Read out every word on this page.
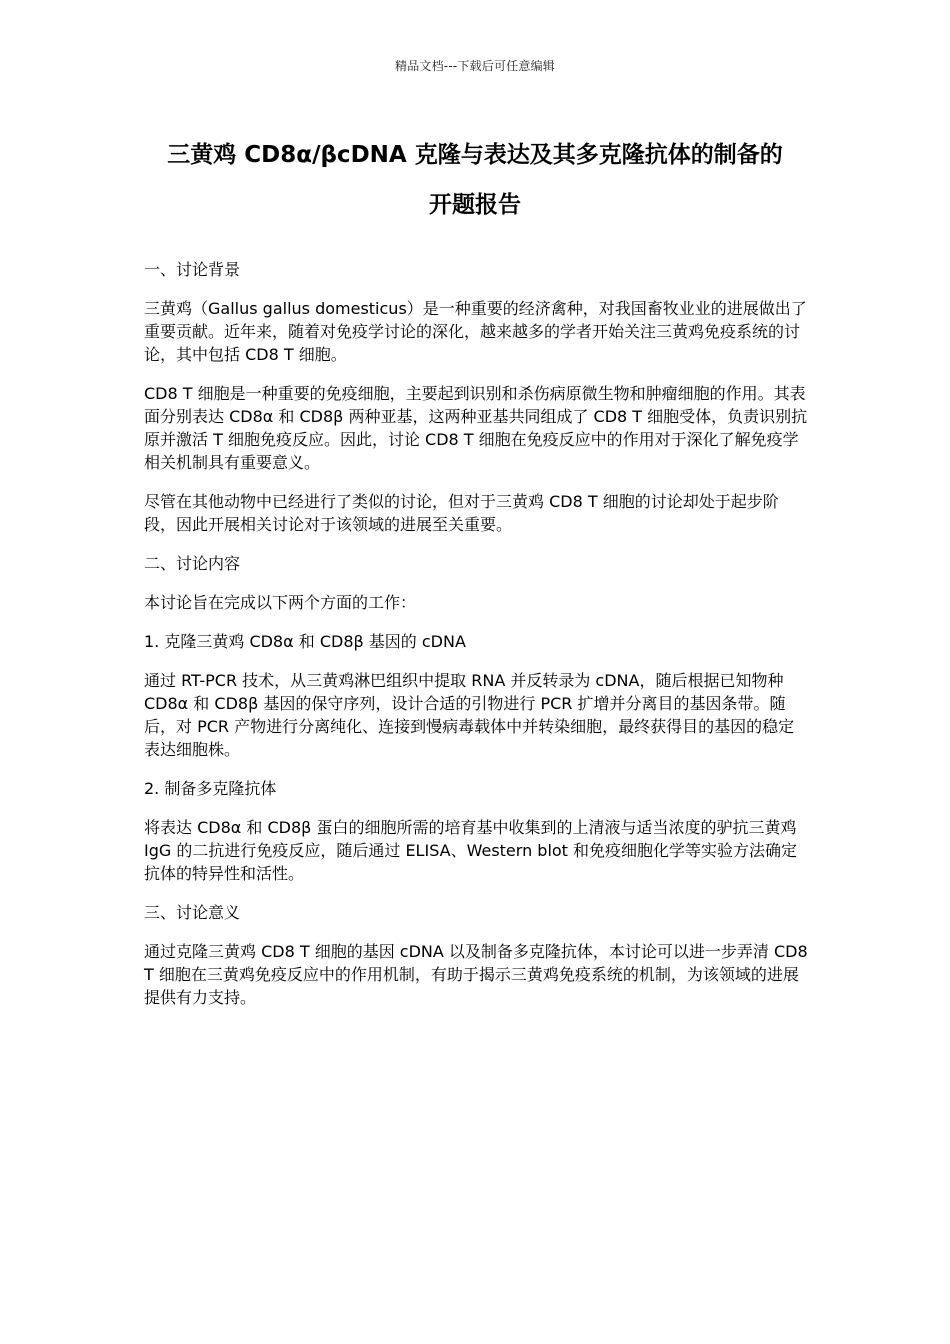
精品文档---下载后可任意编辑
三黄鸡 CD8α/βcDNA 克隆与表达及其多克隆抗体的制备的
开题报告

一、讨论背景

三黄鸡（Gallus gallus domesticus）是一种重要的经济禽种，对我国畜牧业业的进展做出了重要贡献。近年来，随着对免疫学讨论的深化，越来越多的学者开始关注三黄鸡免疫系统的讨论，其中包括 CD8 T 细胞。

CD8 T 细胞是一种重要的免疫细胞，主要起到识别和杀伤病原微生物和肿瘤细胞的作用。其表面分别表达 CD8α 和 CD8β 两种亚基，这两种亚基共同组成了 CD8 T 细胞受体，负责识别抗原并激活 T 细胞免疫反应。因此，讨论 CD8 T 细胞在免疫反应中的作用对于深化了解免疫学相关机制具有重要意义。

尽管在其他动物中已经进行了类似的讨论，但对于三黄鸡 CD8 T 细胞的讨论却处于起步阶段，因此开展相关讨论对于该领域的进展至关重要。

二、讨论内容

本讨论旨在完成以下两个方面的工作：

1. 克隆三黄鸡 CD8α 和 CD8β 基因的 cDNA

通过 RT-PCR 技术，从三黄鸡淋巴组织中提取 RNA 并反转录为 cDNA，随后根据已知物种 CD8α 和 CD8β 基因的保守序列，设计合适的引物进行 PCR 扩增并分离目的基因条带。随后，对 PCR 产物进行分离纯化、连接到慢病毒载体中并转染细胞，最终获得目的基因的稳定表达细胞株。

2. 制备多克隆抗体

将表达 CD8α 和 CD8β 蛋白的细胞所需的培育基中收集到的上清液与适当浓度的驴抗三黄鸡 IgG 的二抗进行免疫反应，随后通过 ELISA、Western blot 和免疫细胞化学等实验方法确定抗体的特异性和活性。

三、讨论意义

通过克隆三黄鸡 CD8 T 细胞的基因 cDNA 以及制备多克隆抗体，本讨论可以进一步弄清 CD8 T 细胞在三黄鸡免疫反应中的作用机制，有助于揭示三黄鸡免疫系统的机制，为该领域的进展提供有力支持。
